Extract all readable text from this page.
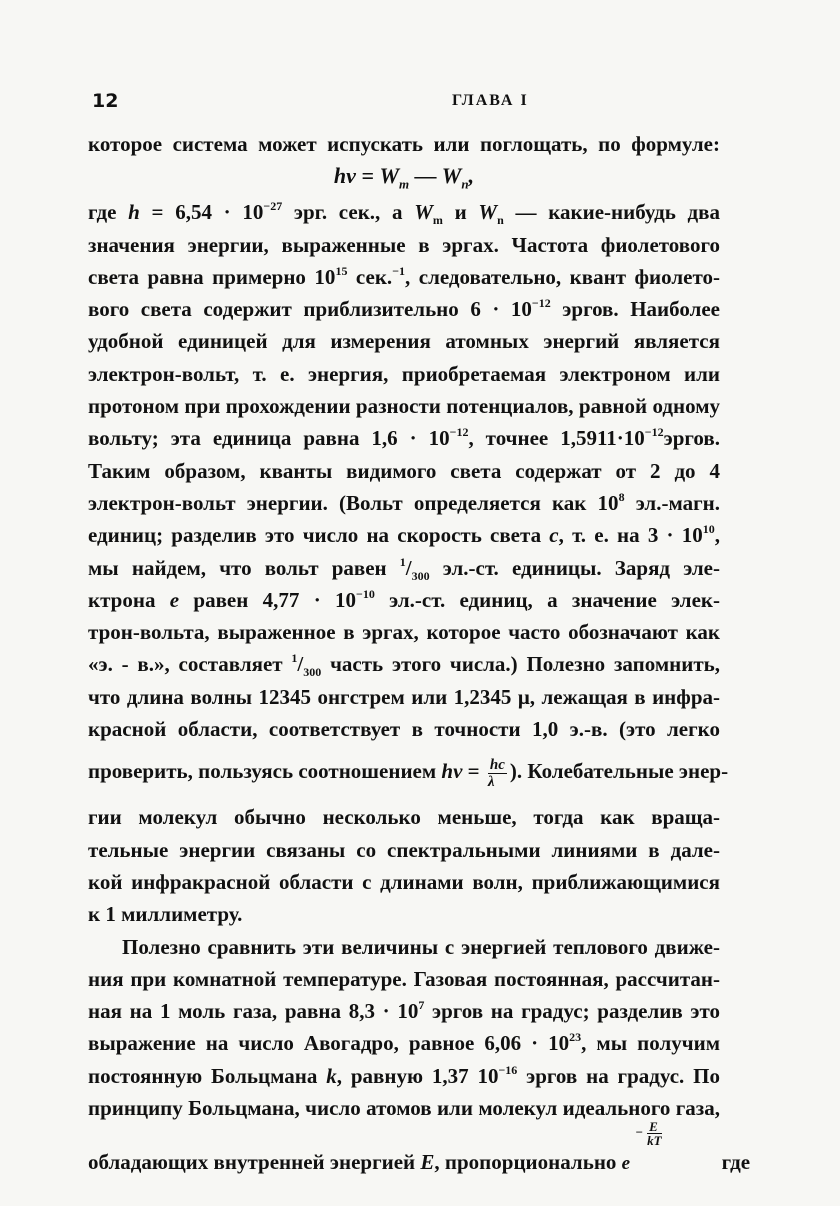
12	ГЛАВА I
которое система может испускать или поглощать, по формуле:
$h\nu = W_m$ — $W_n$,
где $h = 6,54 \cdot 10^{-27}$ эрг. сек., а $W_m$ и $W_n$ — какие-нибудь два
значения энергии, выраженные в эргах. Частота фиолетового
света равна примерно $10^{15}$ сек.$^{-1}$, следовательно, квант фиолето-
вого света содержит приблизительно $6 \cdot 10^{-12}$ эргов. Наиболее
удобной единицей для измерения атомных энергий является
электрон-вольт, т. е. энергия, приобретаемая электроном или
протоном при прохождении разности потенциалов, равной одному
вольту; эта единица равна $1,6 \cdot 10^{-12}$, точнее $1,5911\cdot 10^{-12}эргов$.
Таким образом, кванты видимого света содержат от 2 до 4
электрон-вольт энергии. (Вольт определяется как $10^8$ эл.-магн.
единиц; разделив это число на скорость света c, т. е. на $3 \cdot 10^{10}$,
мы найдем, что вольт равен $^1/_{300}$ эл.-ст. единицы. Заряд эле-
ктрона e равен $4,77 \cdot 10^{-10}$ эл.-ст. единиц, а значение элек-
трон-вольта, выраженное в эргах, которое часто обозначают как
«э. - в.», составляет $^1/_{300}$ часть этого числа.) Полезно запомнить,
что длина волны 12345 онгстрем или 1,2345 μ, лежащая в инфра-
красной области, соответствует в точности 1,0 э.-в. (это легко
проверить, пользуясь соотношением $h\nu = \frac{hc}{\lambda}$ ). Колебательные энер-
гии молекул обычно несколько меньше, тогда как враща-
тельные энергии связаны со спектральными линиями в дале-
кой инфракрасной области с длинами волн, приближающимися
к 1 миллиметру.
Полезно сравнить эти величины с энергией теплового движе-
ния при комнатной температуре. Газовая постоянная, рассчитан-
ная на 1 моль газа, равна $8,3 \cdot 10^7$ эргов на градус; разделив это
выражение на число Авогадро, равное $6,06 \cdot 10^{23}$, мы получим
постоянную Больцмана k, равную 1,37 $10^{-16}$ эргов на градус. По
принципу Больцмана, число атомов или молекул идеального газа,
обладающих внутренней энергией E, пропорционально e
− $\frac{E}{kT}$
где
